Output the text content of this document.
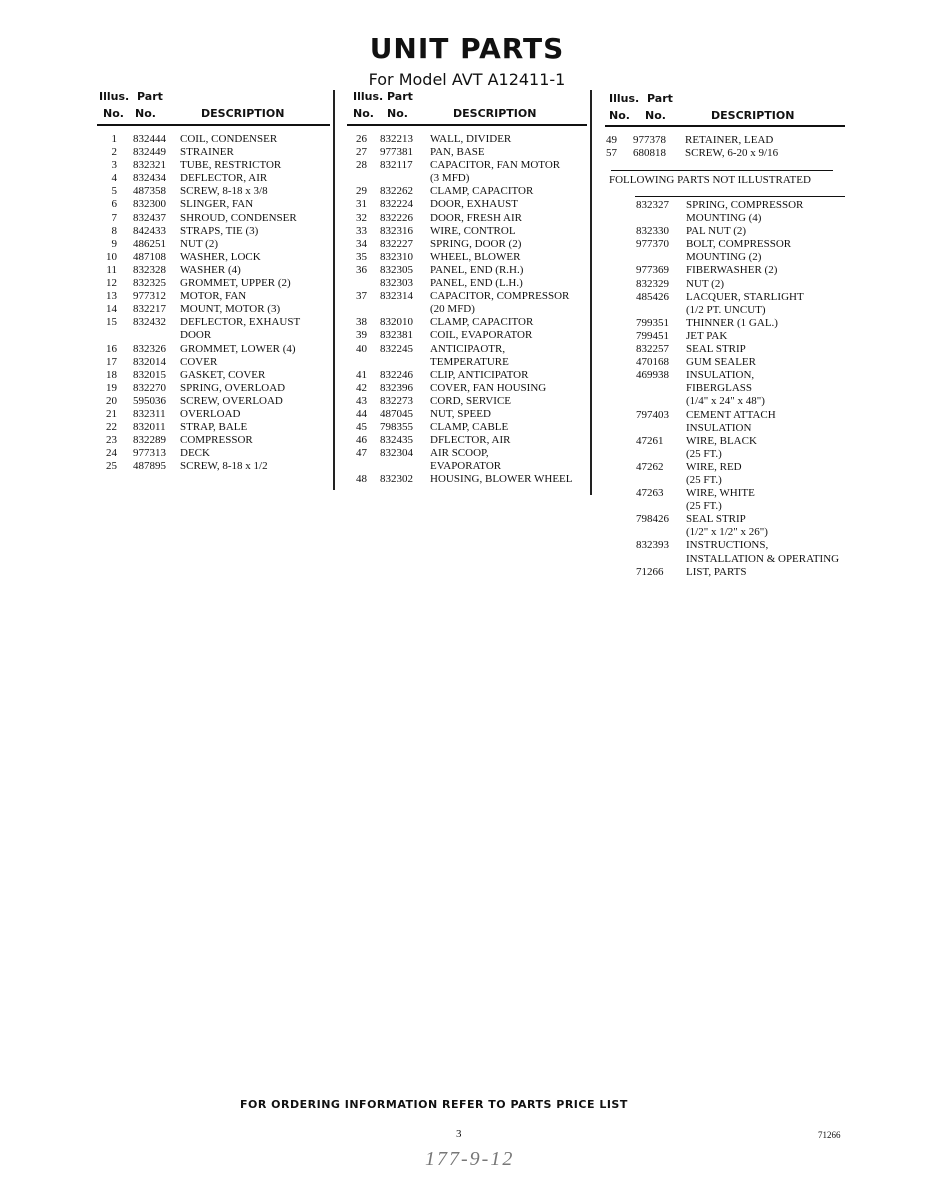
UNIT PARTS
For Model AVT A12411-1
Illus. Part
No. No.	DESCRIPTION
1 832444 COIL, CONDENSER
2 832449 STRAINER
3 832321 TUBE, RESTRICTOR
4 832434 DEFLECTOR, AIR
5 487358 SCREW, 8-18 x 3/8
6 832300 SLINGER, FAN
7 832437 SHROUD, CONDENSER
8 842433 STRAPS, TIE (3)
9 486251 NUT (2)
10 487108 WASHER, LOCK
11 832328 WASHER (4)
12 832325 GROMMET, UPPER (2)
13 977312 MOTOR, FAN
14 832217 MOUNT, MOTOR (3)
15 832432 DEFLECTOR, EXHAUST
DOOR
16 832326 GROMMET, LOWER (4)
17 832014 COVER
18 832015 GASKET, COVER
19 832270 SPRING, OVERLOAD
20 595036 SCREW, OVERLOAD
21 832311 OVERLOAD
22 832011 STRAP, BALE
23 832289 COMPRESSOR
24 977313 DECK
25 487895 SCREW, 8-18 x 1/2
Illus. Part
No. No.	DESCRIPTION
26 832213 WALL, DIVIDER
27 977381 PAN, BASE
28 832117 CAPACITOR, FAN MOTOR
(3 MFD)
29 832262 CLAMP, CAPACITOR
31 832224 DOOR, EXHAUST
32 832226 DOOR, FRESH AIR
33 832316 WIRE, CONTROL
34 832227 SPRING, DOOR (2)
35 832310 WHEEL, BLOWER
36 832305 PANEL, END (R.H.)
832303 PANEL, END (L.H.)
37 832314 CAPACITOR, COMPRESSOR
(20 MFD)
38 832010 CLAMP, CAPACITOR
39 832381 COIL, EVAPORATOR
40 832245 ANTICIPAOTR,
TEMPERATURE
41 832246 CLIP, ANTICIPATOR
42 832396 COVER, FAN HOUSING
43 832273 CORD, SERVICE
44 487045 NUT, SPEED
45 798355 CLAMP, CABLE
46 832435 DFLECTOR, AIR
47 832304 AIR SCOOP,
EVAPORATOR
48 832302 HOUSING, BLOWER WHEEL
Illus. Part
No. No.	DESCRIPTION
49 977378 RETAINER, LEAD
57 680818 SCREW, 6-20 x 9/16
FOLLOWING PARTS NOT ILLUSTRATED
832327 SPRING, COMPRESSOR
MOUNTING (4)
832330 PAL NUT (2)
977370 BOLT, COMPRESSOR
MOUNTING (2)
977369 FIBERWASHER (2)
832329 NUT (2)
485426 LACQUER, STARLIGHT
(1/2 PT. UNCUT)
799351 THINNER (1 GAL.)
799451 JET PAK
832257 SEAL STRIP
470168 GUM SEALER
469938 INSULATION,
FIBERGLASS
(1/4" x 24" x 48")
797403 CEMENT ATTACH
INSULATION
47261 WIRE, BLACK
(25 FT.)
47262 WIRE, RED
(25 FT.)
47263 WIRE, WHITE
(25 FT.)
798426 SEAL STRIP
(1/2" x 1/2" x 26")
832393 INSTRUCTIONS,
INSTALLATION & OPERATING
71266 LIST, PARTS
FOR ORDERING INFORMATION REFER TO PARTS PRICE LIST
3	71266
177-9-12
